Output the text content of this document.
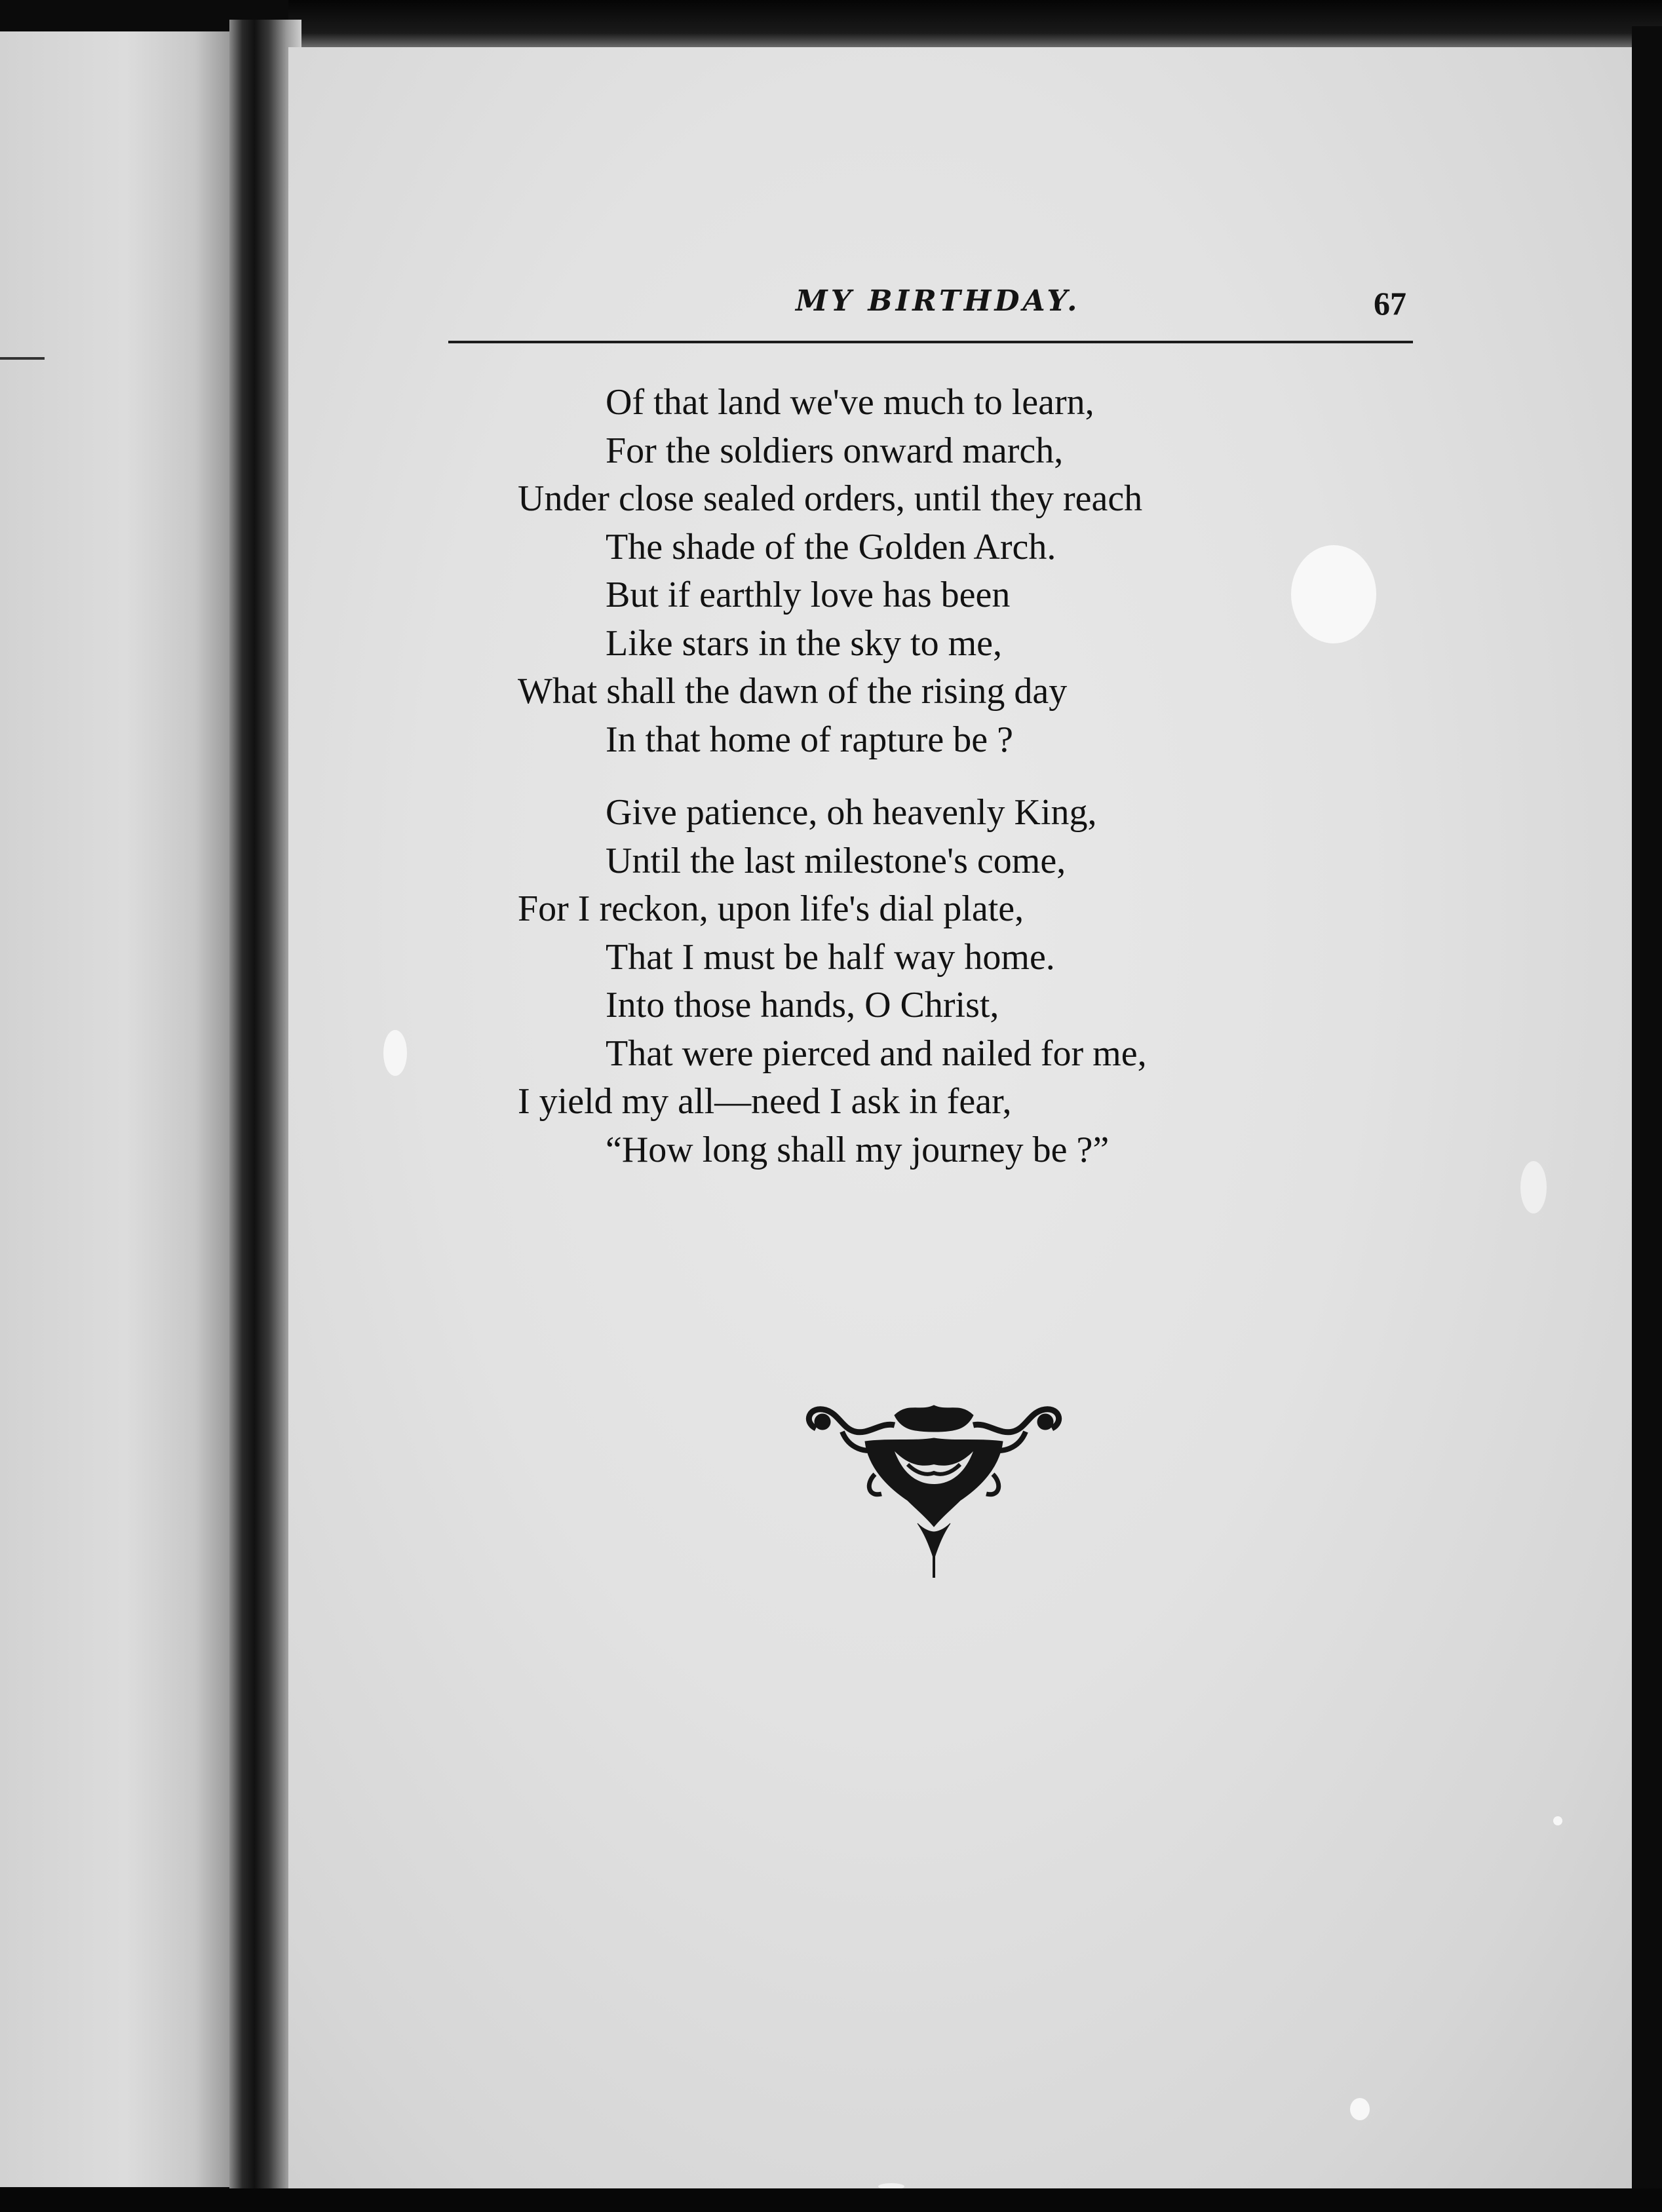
MY BIRTHDAY.	67
Of that land we've much to learn,
For the soldiers onward march,
Under close sealed orders, until they reach
The shade of the Golden Arch.
But if earthly love has been
Like stars in the sky to me,
What shall the dawn of the rising day
In that home of rapture be ?
Give patience, oh heavenly King,
Until the last milestone's come,
For I reckon, upon life's dial plate,
That I must be half way home.
Into those hands, O Christ,
That were pierced and nailed for me,
I yield my all—need I ask in fear,
“How long shall my journey be ?”
